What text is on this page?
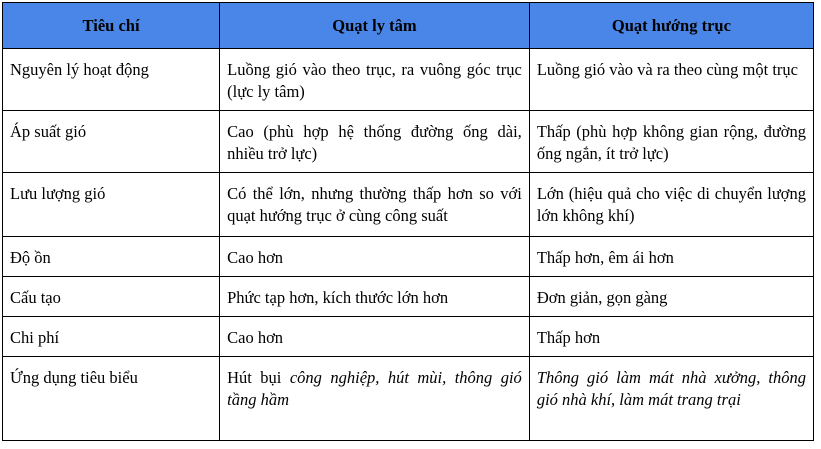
Tiêu chí	Quạt ly tâm	Quạt hướng trục
Nguyên lý hoạt động	Luồng gió vào theo trục, ra vuông góc trục (lực ly tâm)	Luồng gió vào và ra theo cùng một trục
Áp suất gió	Cao (phù hợp hệ thống đường ống dài, nhiều trở lực)	Thấp (phù hợp không gian rộng, đường ống ngắn, ít trở lực)
Lưu lượng gió	Có thể lớn, nhưng thường thấp hơn so với quạt hướng trục ở cùng công suất	Lớn (hiệu quả cho việc di chuyển lượng lớn không khí)
Độ ồn	Cao hơn	Thấp hơn, êm ái hơn
Cấu tạo	Phức tạp hơn, kích thước lớn hơn	Đơn giản, gọn gàng
Chi phí	Cao hơn	Thấp hơn
Ứng dụng tiêu biểu	Hút bụi công nghiệp, hút mùi, thông gió tầng hầm	Thông gió làm mát nhà xưởng, thông gió nhà khí, làm mát trang trại
